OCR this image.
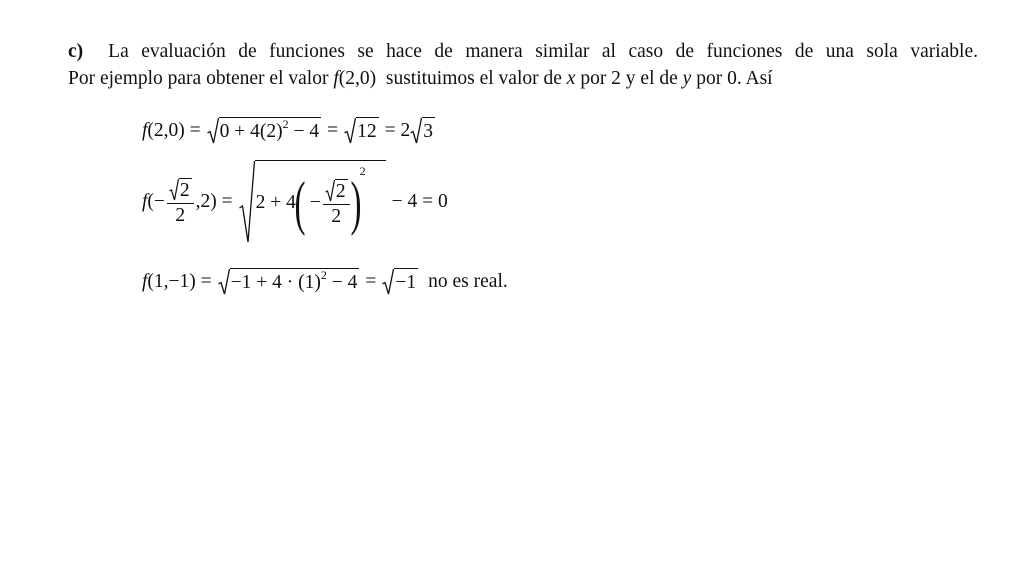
c) La evaluación de funciones se hace de manera similar al caso de funciones de una sola variable.
Por ejemplo para obtener el valor f(2,0)  sustituimos el valor de x por 2 y el de y por 0. Así
f $(2,0) = 0 + 4(2)^2 - 4 = 12 = 2$ 3
f (− $\frac{2}{2} ,2) = 2 + 4$
( − $\frac{2}{2}$ )
2
− 4 = 0
f $(1,-1) = -1 + 4 \cdot (1)^2 - 4 = -1$ no es real.
